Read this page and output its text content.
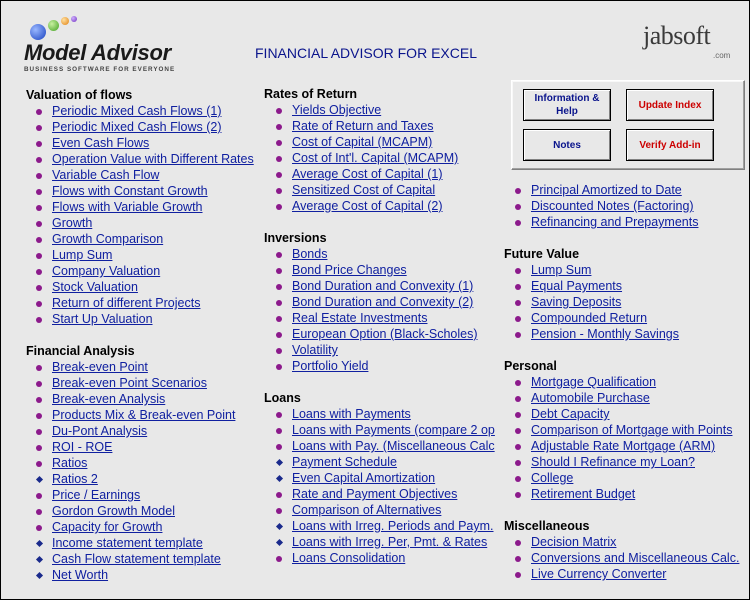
Model Advisor
BUSINESS SOFTWARE FOR EVERYONE
FINANCIAL ADVISOR FOR EXCEL
jabsoft
.com
Information & Help
Update Index
Notes	Verify Add-in
Valuation of flows
Periodic Mixed Cash Flows (1)
Periodic Mixed Cash Flows (2)
Even Cash Flows
Operation Value with Different Rates
Variable Cash Flow
Flows with Constant Growth
Flows with Variable Growth
Growth
Growth Comparison
Lump Sum
Company Valuation
Stock Valuation
Return of different Projects
Start Up Valuation
Financial Analysis
Break-even Point
Break-even Point Scenarios
Break-even Analysis
Products Mix & Break-even Point
Du-Pont Analysis
ROI - ROE
Ratios
Ratios 2
Price / Earnings
Gordon Growth Model
Capacity for Growth
Income statement template
Cash Flow statement template
Net Worth
Rates of Return
Yields Objective
Rate of Return and Taxes
Cost of Capital (MCAPM)
Cost of Int'l. Capital (MCAPM)
Average Cost of Capital (1)
Sensitized Cost of Capital
Average Cost of Capital (2)
Inversions
Bonds
Bond Price Changes
Bond Duration and Convexity (1)
Bond Duration and Convexity (2)
Real Estate Investments
European Option (Black-Scholes)
Volatility
Portfolio Yield
Loans
Loans with Payments
Loans with Payments (compare 2 op
Loans with Pay. (Miscellaneous Calc
Payment Schedule
Even Capital Amortization
Rate and Payment Objectives
Comparison of Alternatives
Loans with Irreg. Periods and Paym.
Loans with Irreg. Per, Pmt. & Rates
Loans Consolidation
Principal Amortized to Date
Discounted Notes (Factoring)
Refinancing and Prepayments
Future Value
Lump Sum
Equal Payments
Saving Deposits
Compounded Return
Pension - Monthly Savings
Personal
Mortgage Qualification
Automobile Purchase
Debt Capacity
Comparison of Mortgage with Points
Adjustable Rate Mortgage (ARM)
Should I Refinance my Loan?
College
Retirement Budget
Miscellaneous
Decision Matrix
Conversions and Miscellaneous Calc.
Live Currency Converter
